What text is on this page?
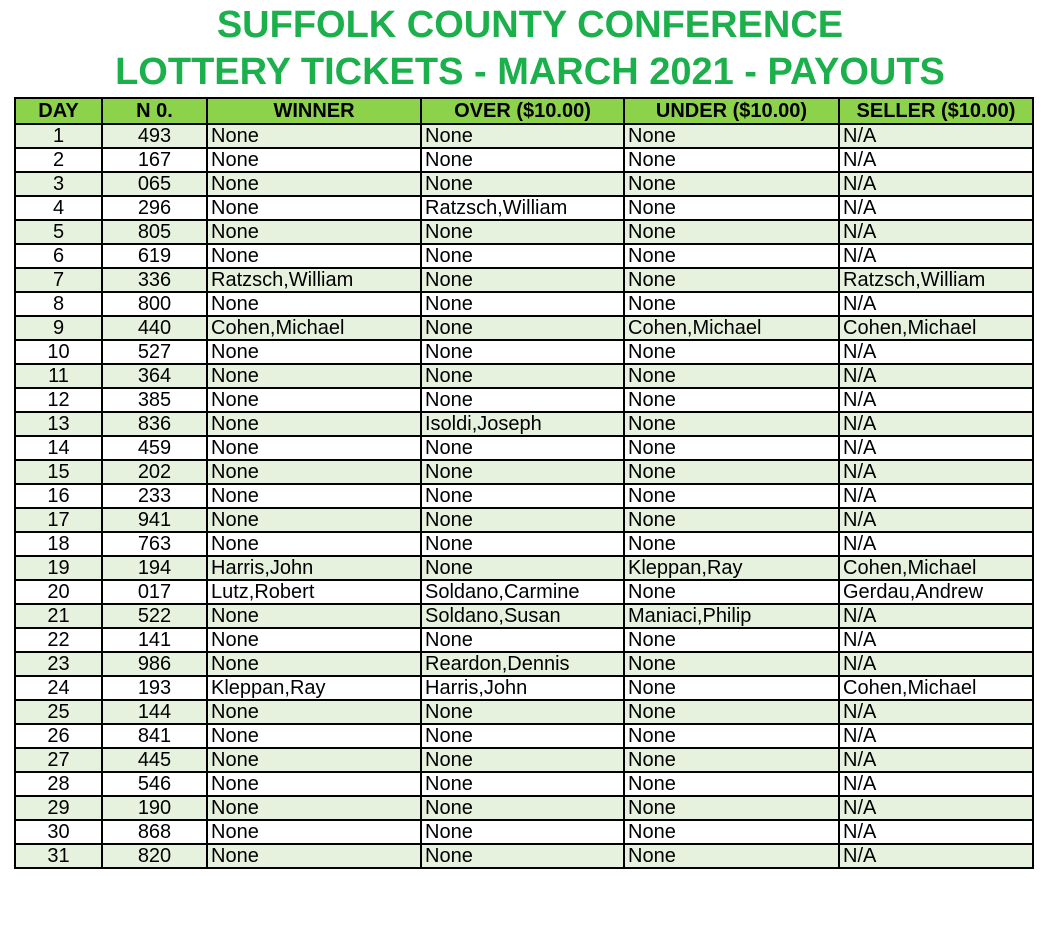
SUFFOLK COUNTY CONFERENCE
LOTTERY TICKETS - MARCH 2021 - PAYOUTS
DAY	N 0.	WINNER	OVER ($10.00)	UNDER ($10.00)	SELLER ($10.00)
1	493	None	None	None	N/A
2	167	None	None	None	N/A
3	065	None	None	None	N/A
4	296	None	Ratzsch,William	None	N/A
5	805	None	None	None	N/A
6	619	None	None	None	N/A
7	336	Ratzsch,William	None	None	Ratzsch,William
8	800	None	None	None	N/A
9	440	Cohen,Michael	None	Cohen,Michael	Cohen,Michael
10	527	None	None	None	N/A
11	364	None	None	None	N/A
12	385	None	None	None	N/A
13	836	None	Isoldi,Joseph	None	N/A
14	459	None	None	None	N/A
15	202	None	None	None	N/A
16	233	None	None	None	N/A
17	941	None	None	None	N/A
18	763	None	None	None	N/A
19	194	Harris,John	None	Kleppan,Ray	Cohen,Michael
20	017	Lutz,Robert	Soldano,Carmine	None	Gerdau,Andrew
21	522	None	Soldano,Susan	Maniaci,Philip	N/A
22	141	None	None	None	N/A
23	986	None	Reardon,Dennis	None	N/A
24	193	Kleppan,Ray	Harris,John	None	Cohen,Michael
25	144	None	None	None	N/A
26	841	None	None	None	N/A
27	445	None	None	None	N/A
28	546	None	None	None	N/A
29	190	None	None	None	N/A
30	868	None	None	None	N/A
31	820	None	None	None	N/A
